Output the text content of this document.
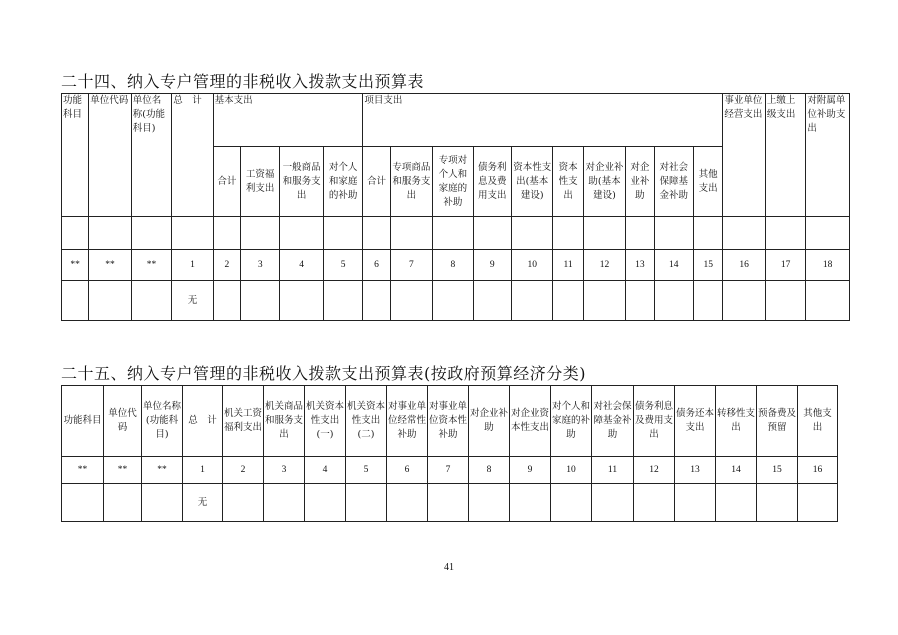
二十四、纳入专户管理的非税收入拨款支出预算表
功能科目	单位代码	单位名称(功能科目)	总　计	基本支出				项目支出										事业单位经营支出	上缴上级支出	对附属单位补助支出
				合计	工资福利支出	一般商品和服务支出	对个人和家庭的补助	合计	专项商品和服务支出	专项对个人和家庭的补助	债务利息及费用支出	资本性支出(基本建设)	资本性支出	对企业补助(基本建设)	对企业补助	对社会保障基金补助	其他支出			

**	**	**	1	2	3	4	5	6	7	8	9	10	11	12	13	14	15	16	17	18
			无																	
二十五、纳入专户管理的非税收入拨款支出预算表(按政府预算经济分类)
功能科目	单位代码	单位名称(功能科目)	总　计	机关工资福利支出	机关商品和服务支出	机关资本性支出(一)	机关资本性支出(二)	对事业单位经常性补助	对事业单位资本性补助	对企业补助	对企业资本性支出	对个人和家庭的补助	对社会保障基金补助	债务利息及费用支出	债务还本支出	转移性支出	预备费及预留	其他支出
**	**	**	1	2	3	4	5	6	7	8	9	10	11	12	13	14	15	16
			无															
41
